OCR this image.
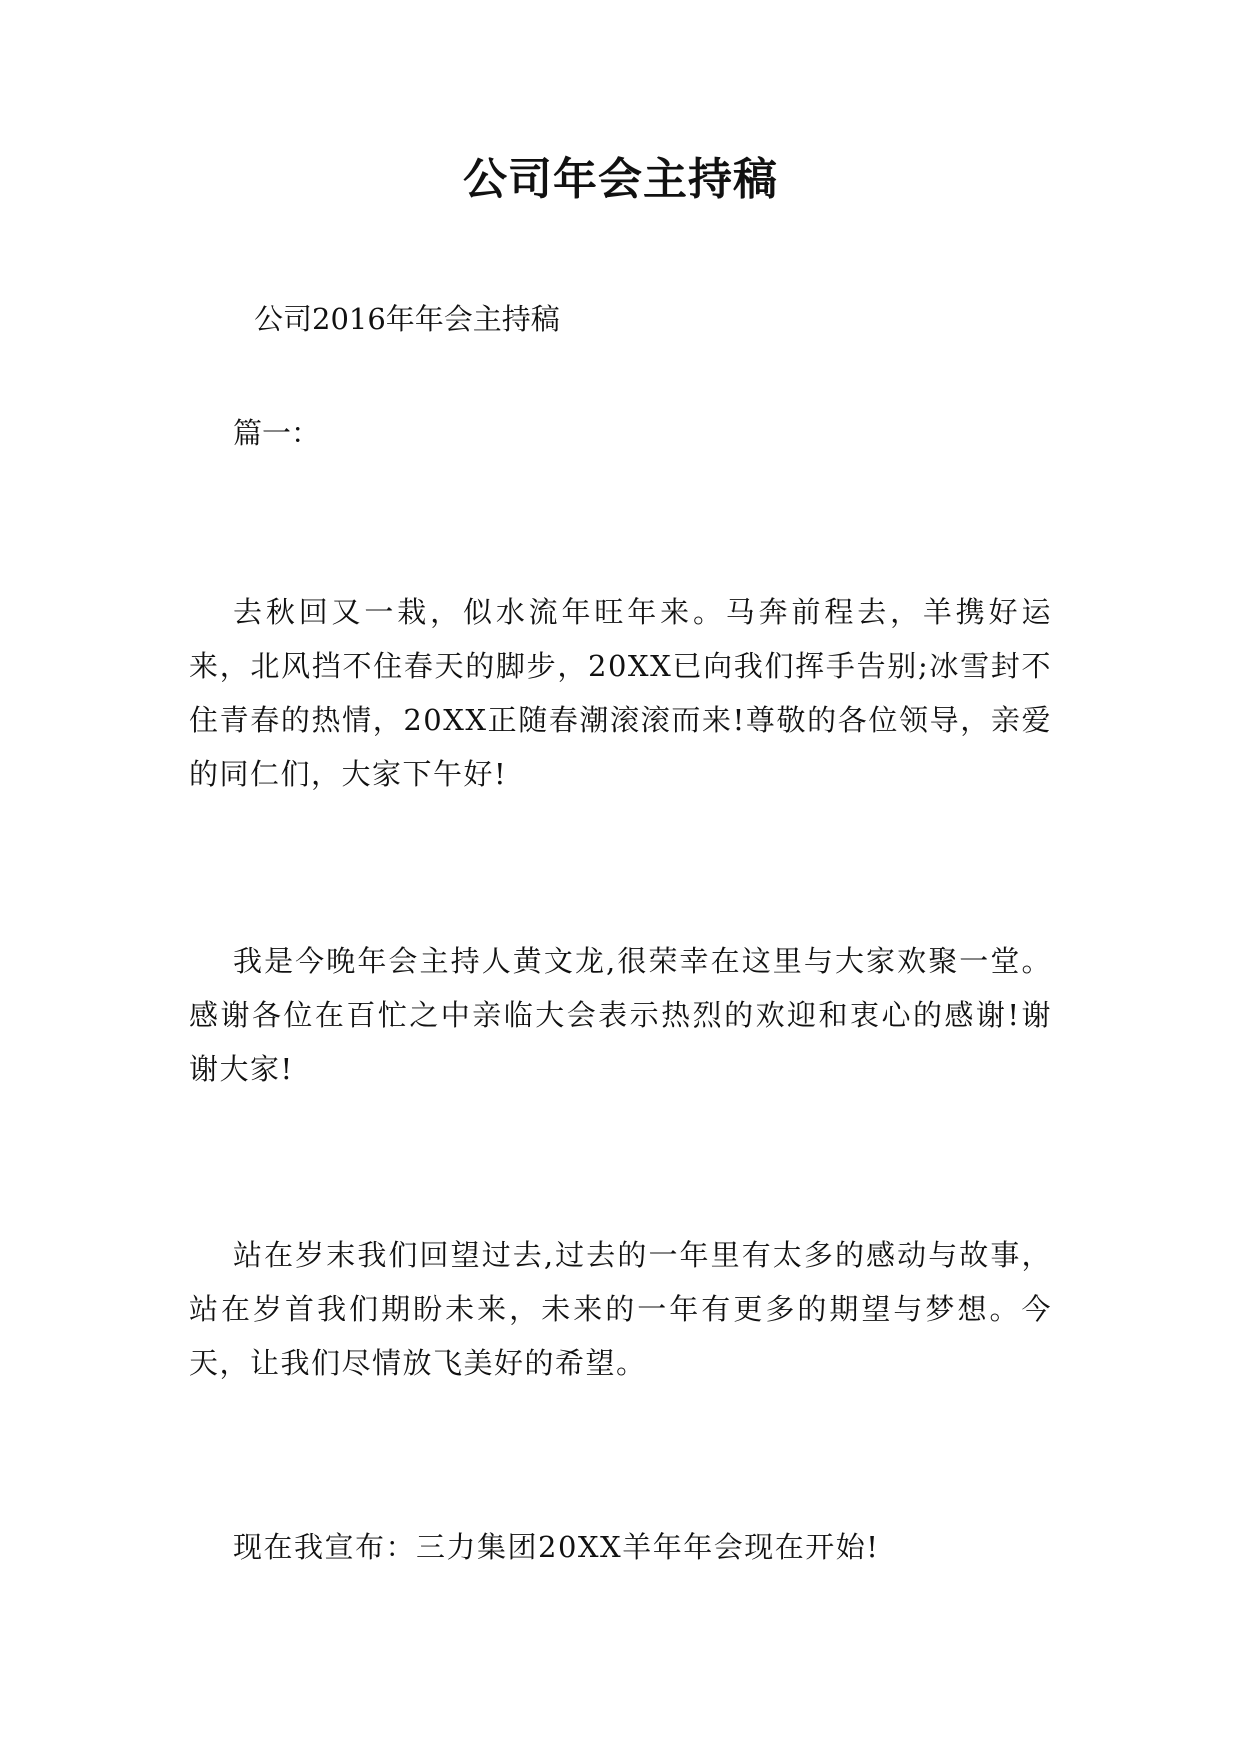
公司年会主持稿
公司2016年年会主持稿
篇一：
去秋回又一栽，似水流年旺年来。马奔前程去，羊携好运来，北风挡不住春天的脚步，20XX已向我们挥手告别;冰雪封不住青春的热情，20XX正随春潮滚滚而来!尊敬的各位领导，亲爱的同仁们，大家下午好!
我是今晚年会主持人黄文龙,很荣幸在这里与大家欢聚一堂。感谢各位在百忙之中亲临大会表示热烈的欢迎和衷心的感谢!谢谢大家!
站在岁末我们回望过去,过去的一年里有太多的感动与故事，站在岁首我们期盼未来，未来的一年有更多的期望与梦想。今天，让我们尽情放飞美好的希望。
现在我宣布：三力集团20XX羊年年会现在开始!
